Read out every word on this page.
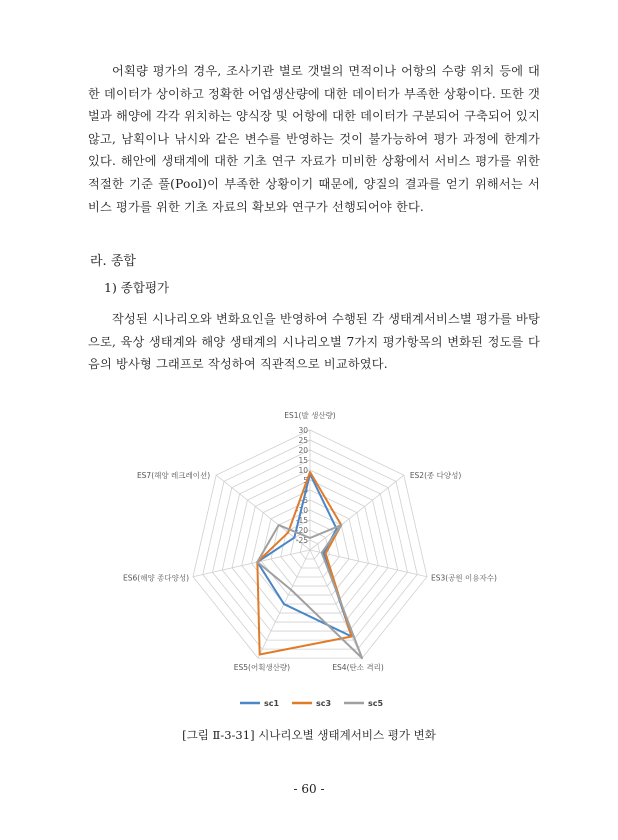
어획량 평가의 경우, 조사기관 별로 갯벌의 면적이나 어항의 수량 위치 등에 대한 데이터가 상이하고 정확한 어업생산량에 대한 데이터가 부족한 상황이다. 또한 갯벌과 해양에 각각 위치하는 양식장 및 어항에 대한 데이터가 구분되어 구축되어 있지 않고, 남획이나 낚시와 같은 변수를 반영하는 것이 불가능하여 평가 과정에 한계가 있다. 해안에 생태계에 대한 기초 연구 자료가 미비한 상황에서 서비스 평가를 위한 적절한 기준 풀(Pool)이 부족한 상황이기 때문에, 양질의 결과를 얻기 위해서는 서비스 평가를 위한 기초 자료의 확보와 연구가 선행되어야 한다.
라. 종합
1) 종합평가
작성된 시나리오와 변화요인을 반영하여 수행된 각 생태계서비스별 평가를 바탕으로, 육상 생태계와 해양 생태계의 시나리오별 7가지 평가항목의 변화된 정도를 다음의 방사형 그래프로 작성하여 직관적으로 비교하였다.
30
25
20
15
10
5
0
-5
-10
-15
-20
-25
ES1(발 생산량)
ES2(종 다양성)
ES3(공원 이용자수)
ES4(탄소 격리)
ES5(어획생산량)
ES6(해양 종다양성)
ES7(해양 레크레이션)
sc1	sc3	sc5
[그림 Ⅱ-3-31] 시나리오별 생태계서비스 평가 변화
- 60 -
